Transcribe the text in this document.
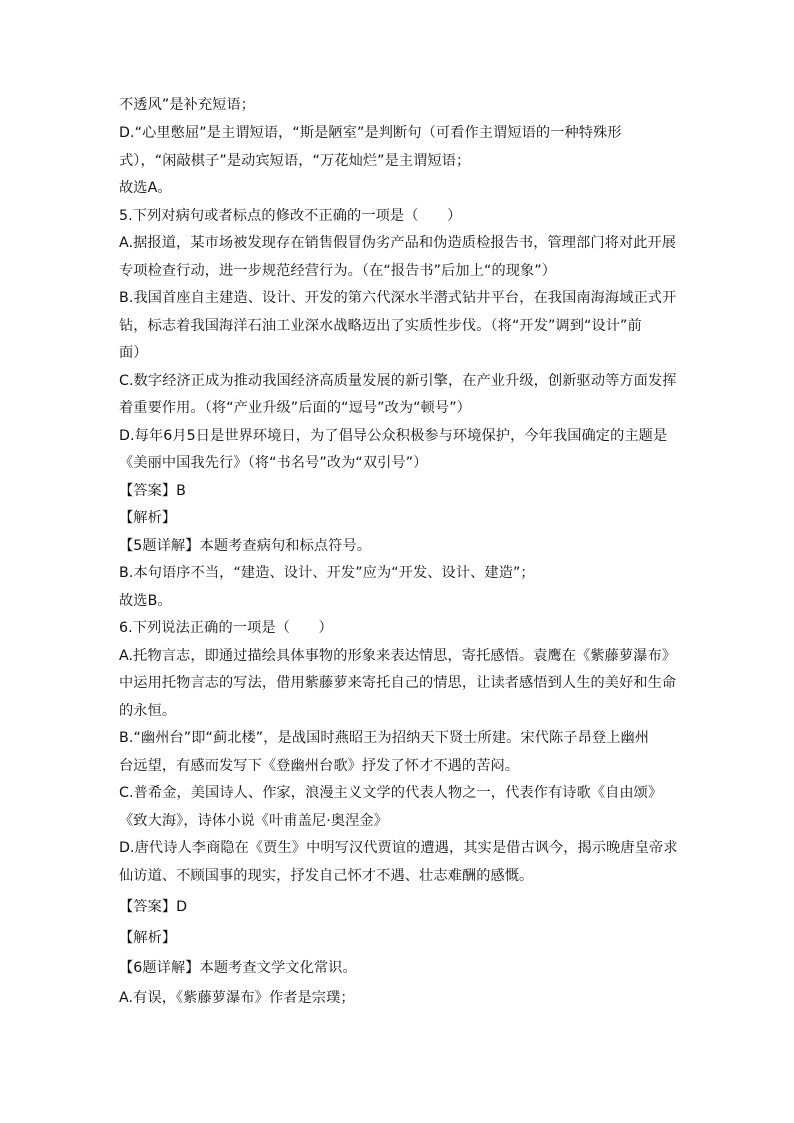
不透风”是补充短语；
D.“心里憋屈”是主谓短语，“斯是陋室”是判断句（可看作主谓短语的一种特殊形
式），“闲敲棋子”是动宾短语，“万花灿烂”是主谓短语；
故选A。
5.下列对病句或者标点的修改不正确的一项是（　　）
A.据报道，某市场被发现存在销售假冒伪劣产品和伪造质检报告书，管理部门将对此开展
专项检查行动，进一步规范经营行为。（在“报告书”后加上“的现象”）
B.我国首座自主建造、设计、开发的第六代深水半潜式钻井平台，在我国南海海域正式开
钻，标志着我国海洋石油工业深水战略迈出了实质性步伐。（将“开发”调到“设计”前
面）
C.数字经济正成为推动我国经济高质量发展的新引擎，在产业升级，创新驱动等方面发挥
着重要作用。（将“产业升级”后面的“逗号”改为“顿号”）
D.每年6月5日是世界环境日，为了倡导公众积极参与环境保护，今年我国确定的主题是
《美丽中国我先行》（将“书名号”改为“双引号”）
【答案】B
【解析】
【5题详解】本题考查病句和标点符号。
B.本句语序不当，“建造、设计、开发”应为“开发、设计、建造”；
故选B。
6.下列说法正确的一项是（　　）
A.托物言志，即通过描绘具体事物的形象来表达情思，寄托感悟。袁鹰在《紫藤萝瀑布》
中运用托物言志的写法，借用紫藤萝来寄托自己的情思，让读者感悟到人生的美好和生命
的永恒。
B.“幽州台”即“蓟北楼”，是战国时燕昭王为招纳天下贤士所建。宋代陈子昂登上幽州
台远望，有感而发写下《登幽州台歌》抒发了怀才不遇的苦闷。
C.普希金，美国诗人、作家，浪漫主义文学的代表人物之一，代表作有诗歌《自由颂》
《致大海》，诗体小说《叶甫盖尼·奥涅金》
D.唐代诗人李商隐在《贾生》中明写汉代贾谊的遭遇，其实是借古讽今，揭示晚唐皇帝求
仙访道、不顾国事的现实，抒发自己怀才不遇、壮志难酬的感慨。
【答案】D
【解析】
【6题详解】本题考查文学文化常识。
A.有误，《紫藤萝瀑布》作者是宗璞；
